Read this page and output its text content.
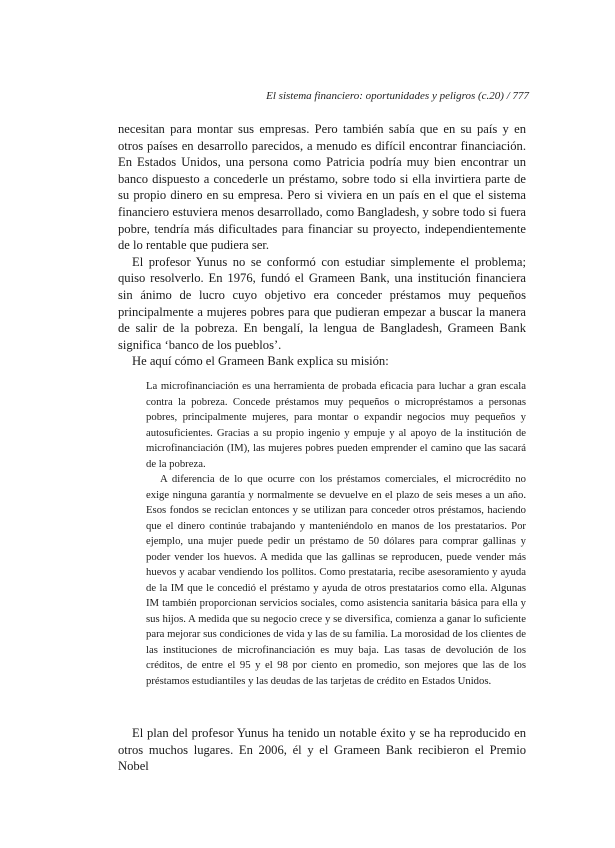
El sistema financiero: oportunidades y peligros (c.20) / 777

necesitan para montar sus empresas. Pero también sabía que en su país y en otros países en desarrollo parecidos, a menudo es difícil encontrar financiación. En Estados Unidos, una persona como Patricia podría muy bien encontrar un banco dispuesto a concederle un préstamo, sobre todo si ella invirtiera parte de su propio dinero en su empresa. Pero si viviera en un país en el que el sistema financiero estuviera menos desarrollado, como Bangladesh, y sobre todo si fuera pobre, tendría más dificultades para financiar su proyecto, independientemente de lo rentable que pudiera ser.

El profesor Yunus no se conformó con estudiar simplemente el problema; quiso resolverlo. En 1976, fundó el Grameen Bank, una institución financiera sin ánimo de lucro cuyo objetivo era conceder préstamos muy pequeños principalmente a mujeres pobres para que pudieran empezar a buscar la manera de salir de la pobreza. En bengalí, la lengua de Bangladesh, Grameen Bank significa ‘banco de los pueblos’.

He aquí cómo el Grameen Bank explica su misión:

La microfinanciación es una herramienta de probada eficacia para luchar a gran escala contra la pobreza. Concede préstamos muy pequeños o micropréstamos a personas pobres, principalmente mujeres, para montar o expandir negocios muy pequeños y autosuficientes. Gracias a su propio ingenio y empuje y al apoyo de la institución de microfinanciación (IM), las mujeres pobres pueden emprender el camino que las sacará de la pobreza.

A diferencia de lo que ocurre con los préstamos comerciales, el microcrédito no exige ninguna garantía y normalmente se devuelve en el plazo de seis meses a un año. Esos fondos se reciclan entonces y se utilizan para conceder otros préstamos, haciendo que el dinero continúe trabajando y manteniéndolo en manos de los prestatarios. Por ejemplo, una mujer puede pedir un préstamo de 50 dólares para comprar gallinas y poder vender los huevos. A medida que las gallinas se reproducen, puede vender más huevos y acabar vendiendo los pollitos. Como prestataria, recibe asesoramiento y ayuda de la IM que le concedió el préstamo y ayuda de otros prestatarios como ella. Algunas IM también proporcionan servicios sociales, como asistencia sanitaria básica para ella y sus hijos. A medida que su negocio crece y se diversifica, comienza a ganar lo suficiente para mejorar sus condiciones de vida y las de su familia. La morosidad de los clientes de las instituciones de microfinanciación es muy baja. Las tasas de devolución de los créditos, de entre el 95 y el 98 por ciento en promedio, son mejores que las de los préstamos estudiantiles y las deudas de las tarjetas de crédito en Estados Unidos.

El plan del profesor Yunus ha tenido un notable éxito y se ha reproducido en otros muchos lugares. En 2006, él y el Grameen Bank recibieron el Premio Nobel
